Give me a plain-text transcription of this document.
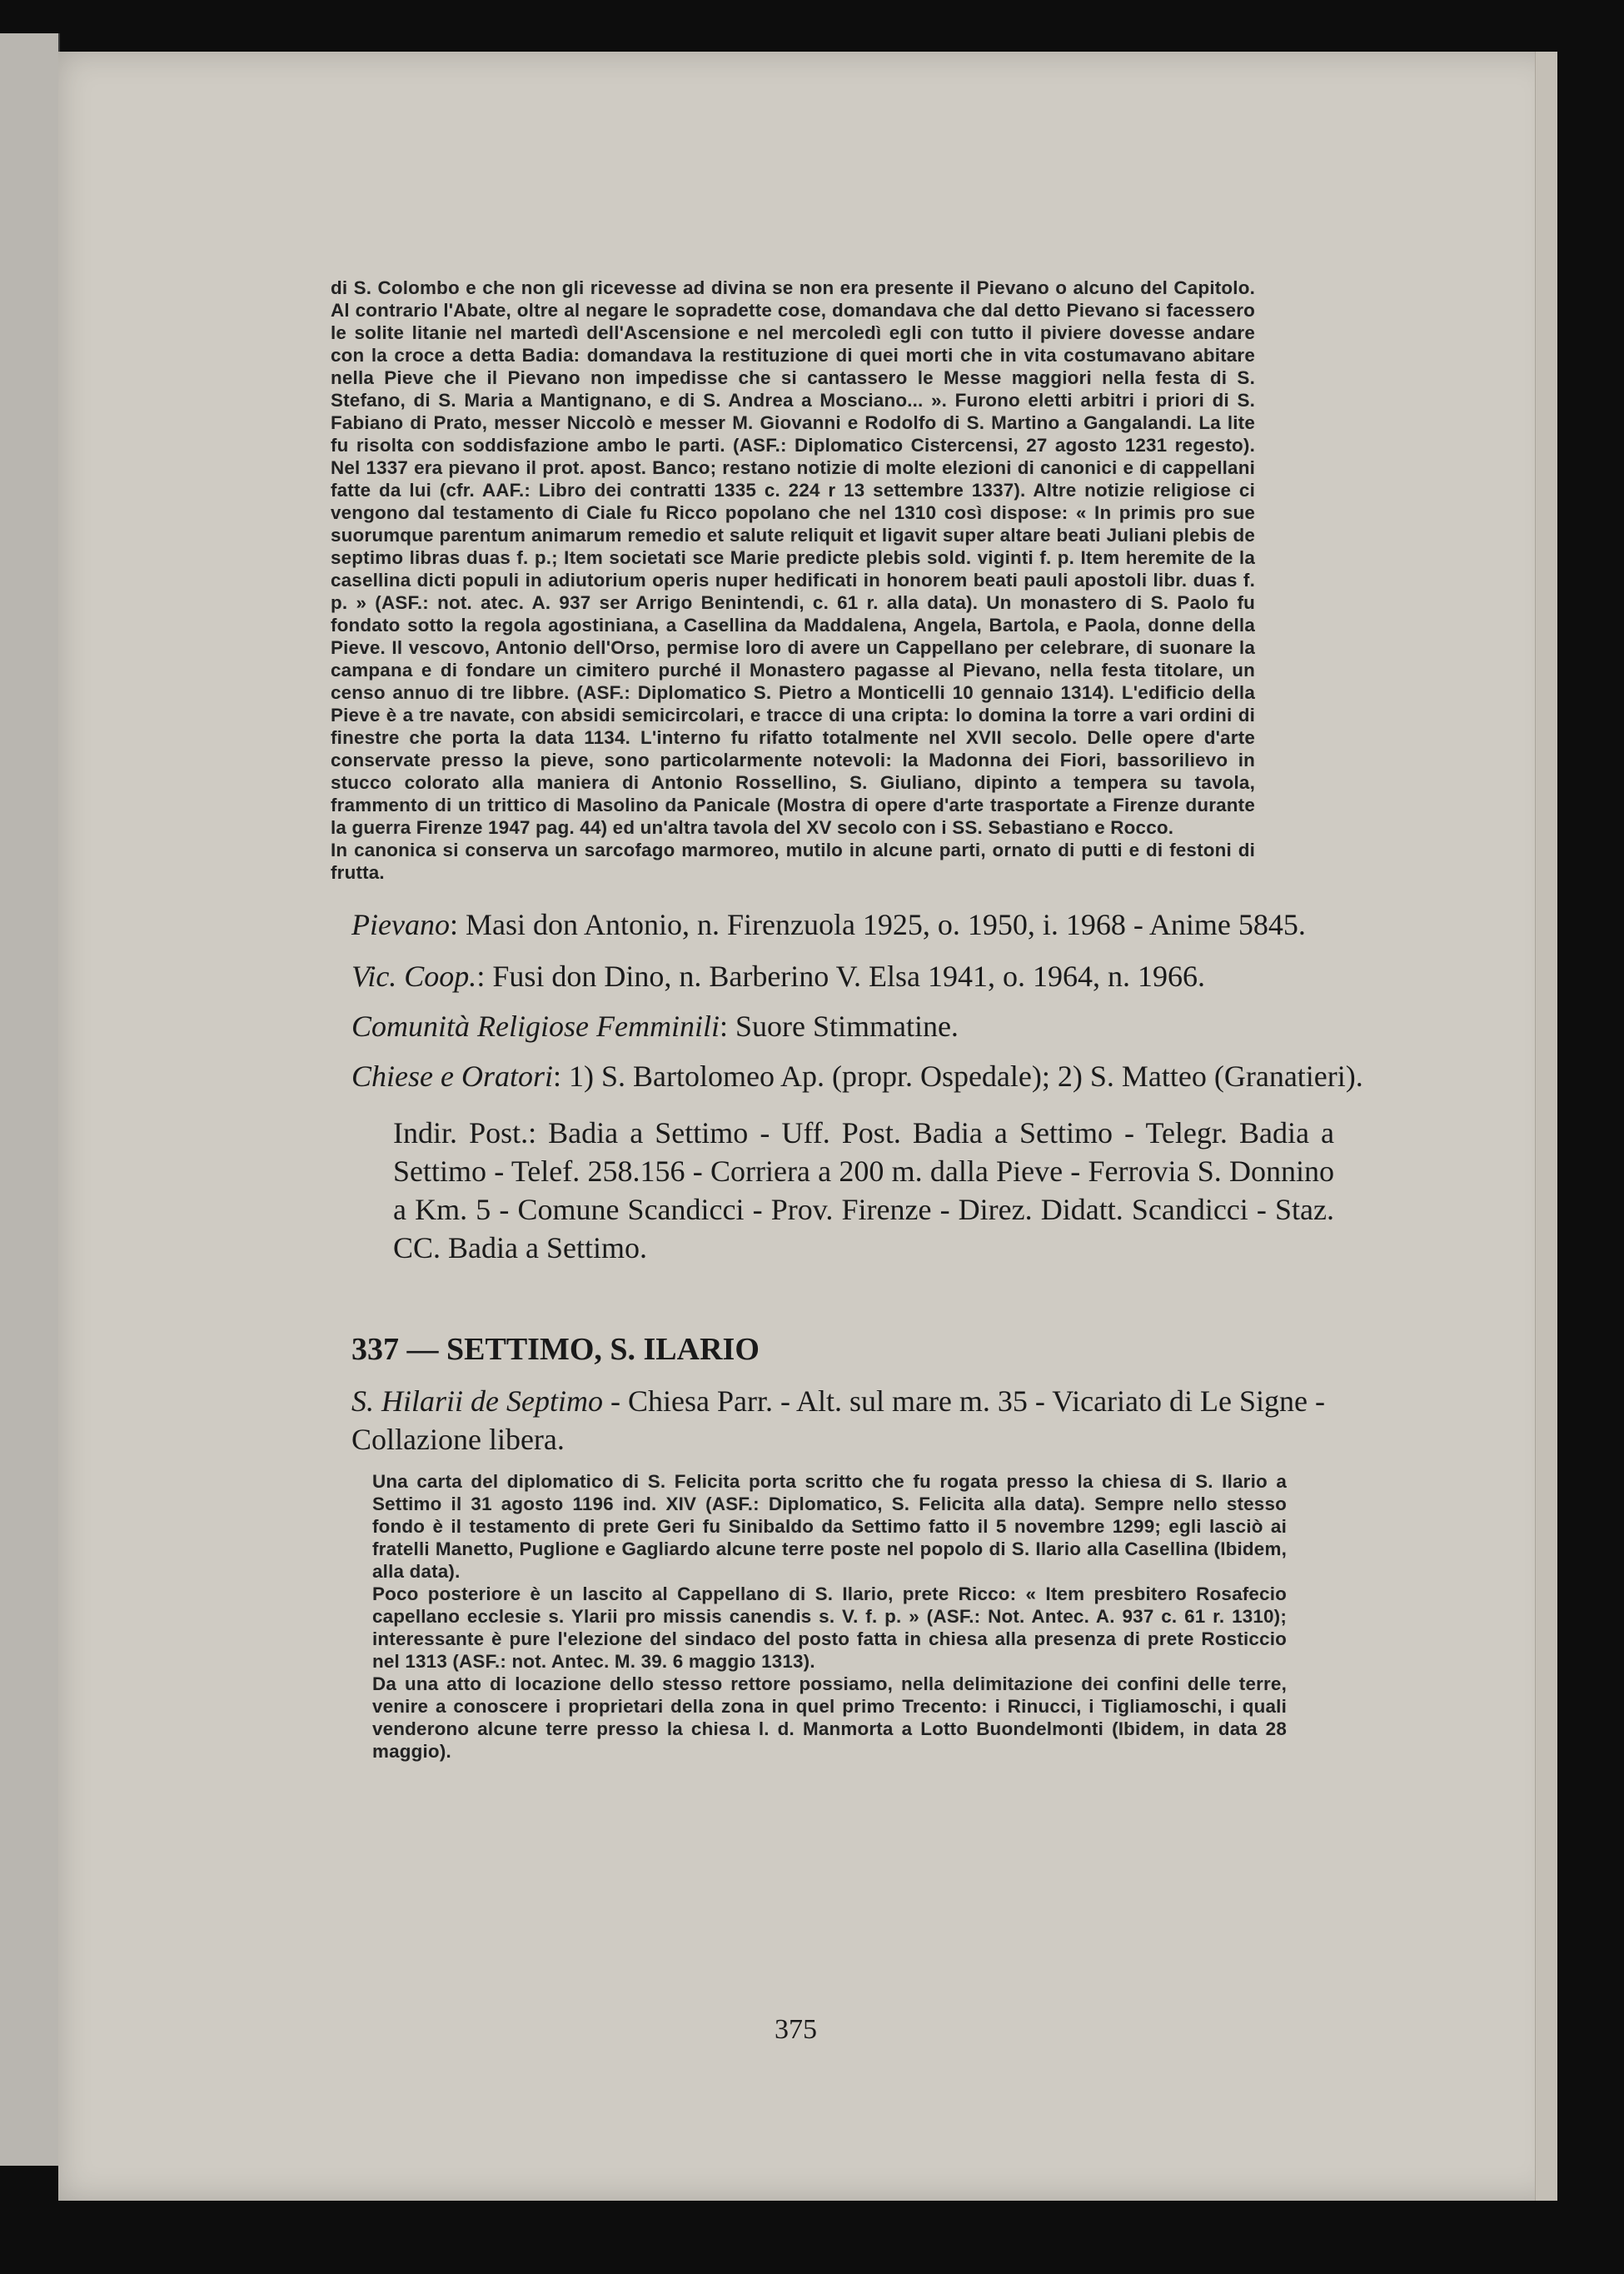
di S. Colombo e che non gli ricevesse ad divina se non era presente il Pievano o alcuno del Capitolo. Al contrario l'Abate, oltre al negare le sopradette cose, domandava che dal detto Pievano si facessero le solite litanie nel martedì dell'Ascensione e nel mercoledì egli con tutto il piviere dovesse andare con la croce a detta Badia: domandava la restituzione di quei morti che in vita costumavano abitare nella Pieve che il Pievano non impedisse che si cantassero le Messe maggiori nella festa di S. Stefano, di S. Maria a Mantignano, e di S. Andrea a Mosciano... ». Furono eletti arbitri i priori di S. Fabiano di Prato, messer Niccolò e messer M. Giovanni e Rodolfo di S. Martino a Gangalandi. La lite fu risolta con soddisfazione ambo le parti. (ASF.: Diplomatico Cistercensi, 27 agosto 1231 regesto). Nel 1337 era pievano il prot. apost. Banco; restano notizie di molte elezioni di canonici e di cappellani fatte da lui (cfr. AAF.: Libro dei contratti 1335 c. 224 r 13 settembre 1337). Altre notizie religiose ci vengono dal testamento di Ciale fu Ricco popolano che nel 1310 così dispose: « In primis pro sue suorumque parentum animarum remedio et salute reliquit et ligavit super altare beati Juliani plebis de septimo libras duas f. p.; Item societati sce Marie predicte plebis sold. viginti f. p. Item heremite de la casellina dicti populi in adiutorium operis nuper hedificati in honorem beati pauli apostoli libr. duas f. p. » (ASF.: not. atec. A. 937 ser Arrigo Benintendi, c. 61 r. alla data). Un monastero di S. Paolo fu fondato sotto la regola agostiniana, a Casellina da Maddalena, Angela, Bartola, e Paola, donne della Pieve. Il vescovo, Antonio dell'Orso, permise loro di avere un Cappellano per celebrare, di suonare la campana e di fondare un cimitero purché il Monastero pagasse al Pievano, nella festa titolare, un censo annuo di tre libbre. (ASF.: Diplomatico S. Pietro a Monticelli 10 gennaio 1314). L'edificio della Pieve è a tre navate, con absidi semicircolari, e tracce di una cripta: lo domina la torre a vari ordini di finestre che porta la data 1134. L'interno fu rifatto totalmente nel XVII secolo. Delle opere d'arte conservate presso la pieve, sono particolarmente notevoli: la Madonna dei Fiori, bassorilievo in stucco colorato alla maniera di Antonio Rossellino, S. Giuliano, dipinto a tempera su tavola, frammento di un trittico di Masolino da Panicale (Mostra di opere d'arte trasportate a Firenze durante la guerra Firenze 1947 pag. 44) ed un'altra tavola del XV secolo con i SS. Sebastiano e Rocco.

In canonica si conserva un sarcofago marmoreo, mutilo in alcune parti, ornato di putti e di festoni di frutta.

Pievano: Masi don Antonio, n. Firenzuola 1925, o. 1950, i. 1968 - Anime 5845.

Vic. Coop.: Fusi don Dino, n. Barberino V. Elsa 1941, o. 1964, n. 1966.

Comunità Religiose Femminili: Suore Stimmatine.

Chiese e Oratori: 1) S. Bartolomeo Ap. (propr. Ospedale); 2) S. Matteo (Granatieri).

Indir. Post.: Badia a Settimo - Uff. Post. Badia a Settimo - Telegr. Badia a Settimo - Telef. 258.156 - Corriera a 200 m. dalla Pieve - Ferrovia S. Donnino a Km. 5 - Comune Scandicci - Prov. Firenze - Direz. Didatt. Scandicci - Staz. CC. Badia a Settimo.

337 — SETTIMO, S. ILARIO

S. Hilarii de Septimo - Chiesa Parr. - Alt. sul mare m. 35 - Vicariato di Le Signe - Collazione libera.

Una carta del diplomatico di S. Felicita porta scritto che fu rogata presso la chiesa di S. Ilario a Settimo il 31 agosto 1196 ind. XIV (ASF.: Diplomatico, S. Felicita alla data). Sempre nello stesso fondo è il testamento di prete Geri fu Sinibaldo da Settimo fatto il 5 novembre 1299; egli lasciò ai fratelli Manetto, Puglione e Gagliardo alcune terre poste nel popolo di S. Ilario alla Casellina (Ibidem, alla data).

Poco posteriore è un lascito al Cappellano di S. Ilario, prete Ricco: « Item presbitero Rosafecio capellano ecclesie s. Ylarii pro missis canendis s. V. f. p. » (ASF.: Not. Antec. A. 937 c. 61 r. 1310); interessante è pure l'elezione del sindaco del posto fatta in chiesa alla presenza di prete Rosticcio nel 1313 (ASF.: not. Antec. M. 39. 6 maggio 1313).

Da una atto di locazione dello stesso rettore possiamo, nella delimitazione dei confini delle terre, venire a conoscere i proprietari della zona in quel primo Trecento: i Rinucci, i Tigliamoschi, i quali venderono alcune terre presso la chiesa l. d. Manmorta a Lotto Buondelmonti (Ibidem, in data 28 maggio).

375
